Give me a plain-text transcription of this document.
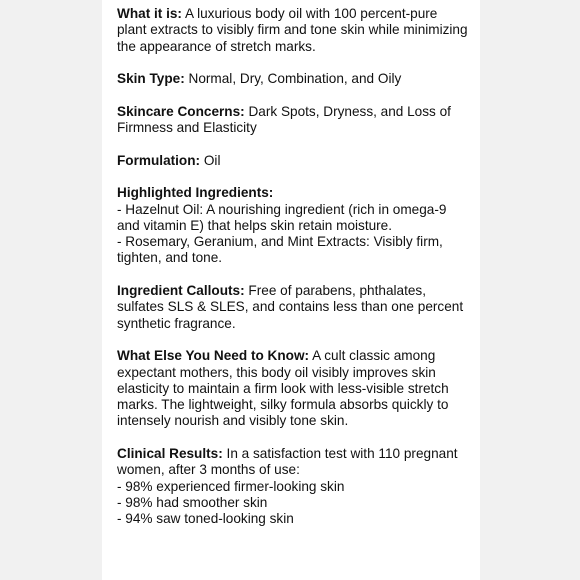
What it is: A luxurious body oil with 100 percent-pure plant extracts to visibly firm and tone skin while minimizing the appearance of stretch marks.
Skin Type: Normal, Dry, Combination, and Oily
Skincare Concerns: Dark Spots, Dryness, and Loss of Firmness and Elasticity
Formulation: Oil
Highlighted Ingredients:
- Hazelnut Oil: A nourishing ingredient (rich in omega-9 and vitamin E) that helps skin retain moisture.
- Rosemary, Geranium, and Mint Extracts: Visibly firm, tighten, and tone.
Ingredient Callouts: Free of parabens, phthalates, sulfates SLS & SLES, and contains less than one percent synthetic fragrance.
What Else You Need to Know: A cult classic among expectant mothers, this body oil visibly improves skin elasticity to maintain a firm look with less-visible stretch marks. The lightweight, silky formula absorbs quickly to intensely nourish and visibly tone skin.
Clinical Results: In a satisfaction test with 110 pregnant women, after 3 months of use:
- 98% experienced firmer-looking skin
- 98% had smoother skin
- 94% saw toned-looking skin
